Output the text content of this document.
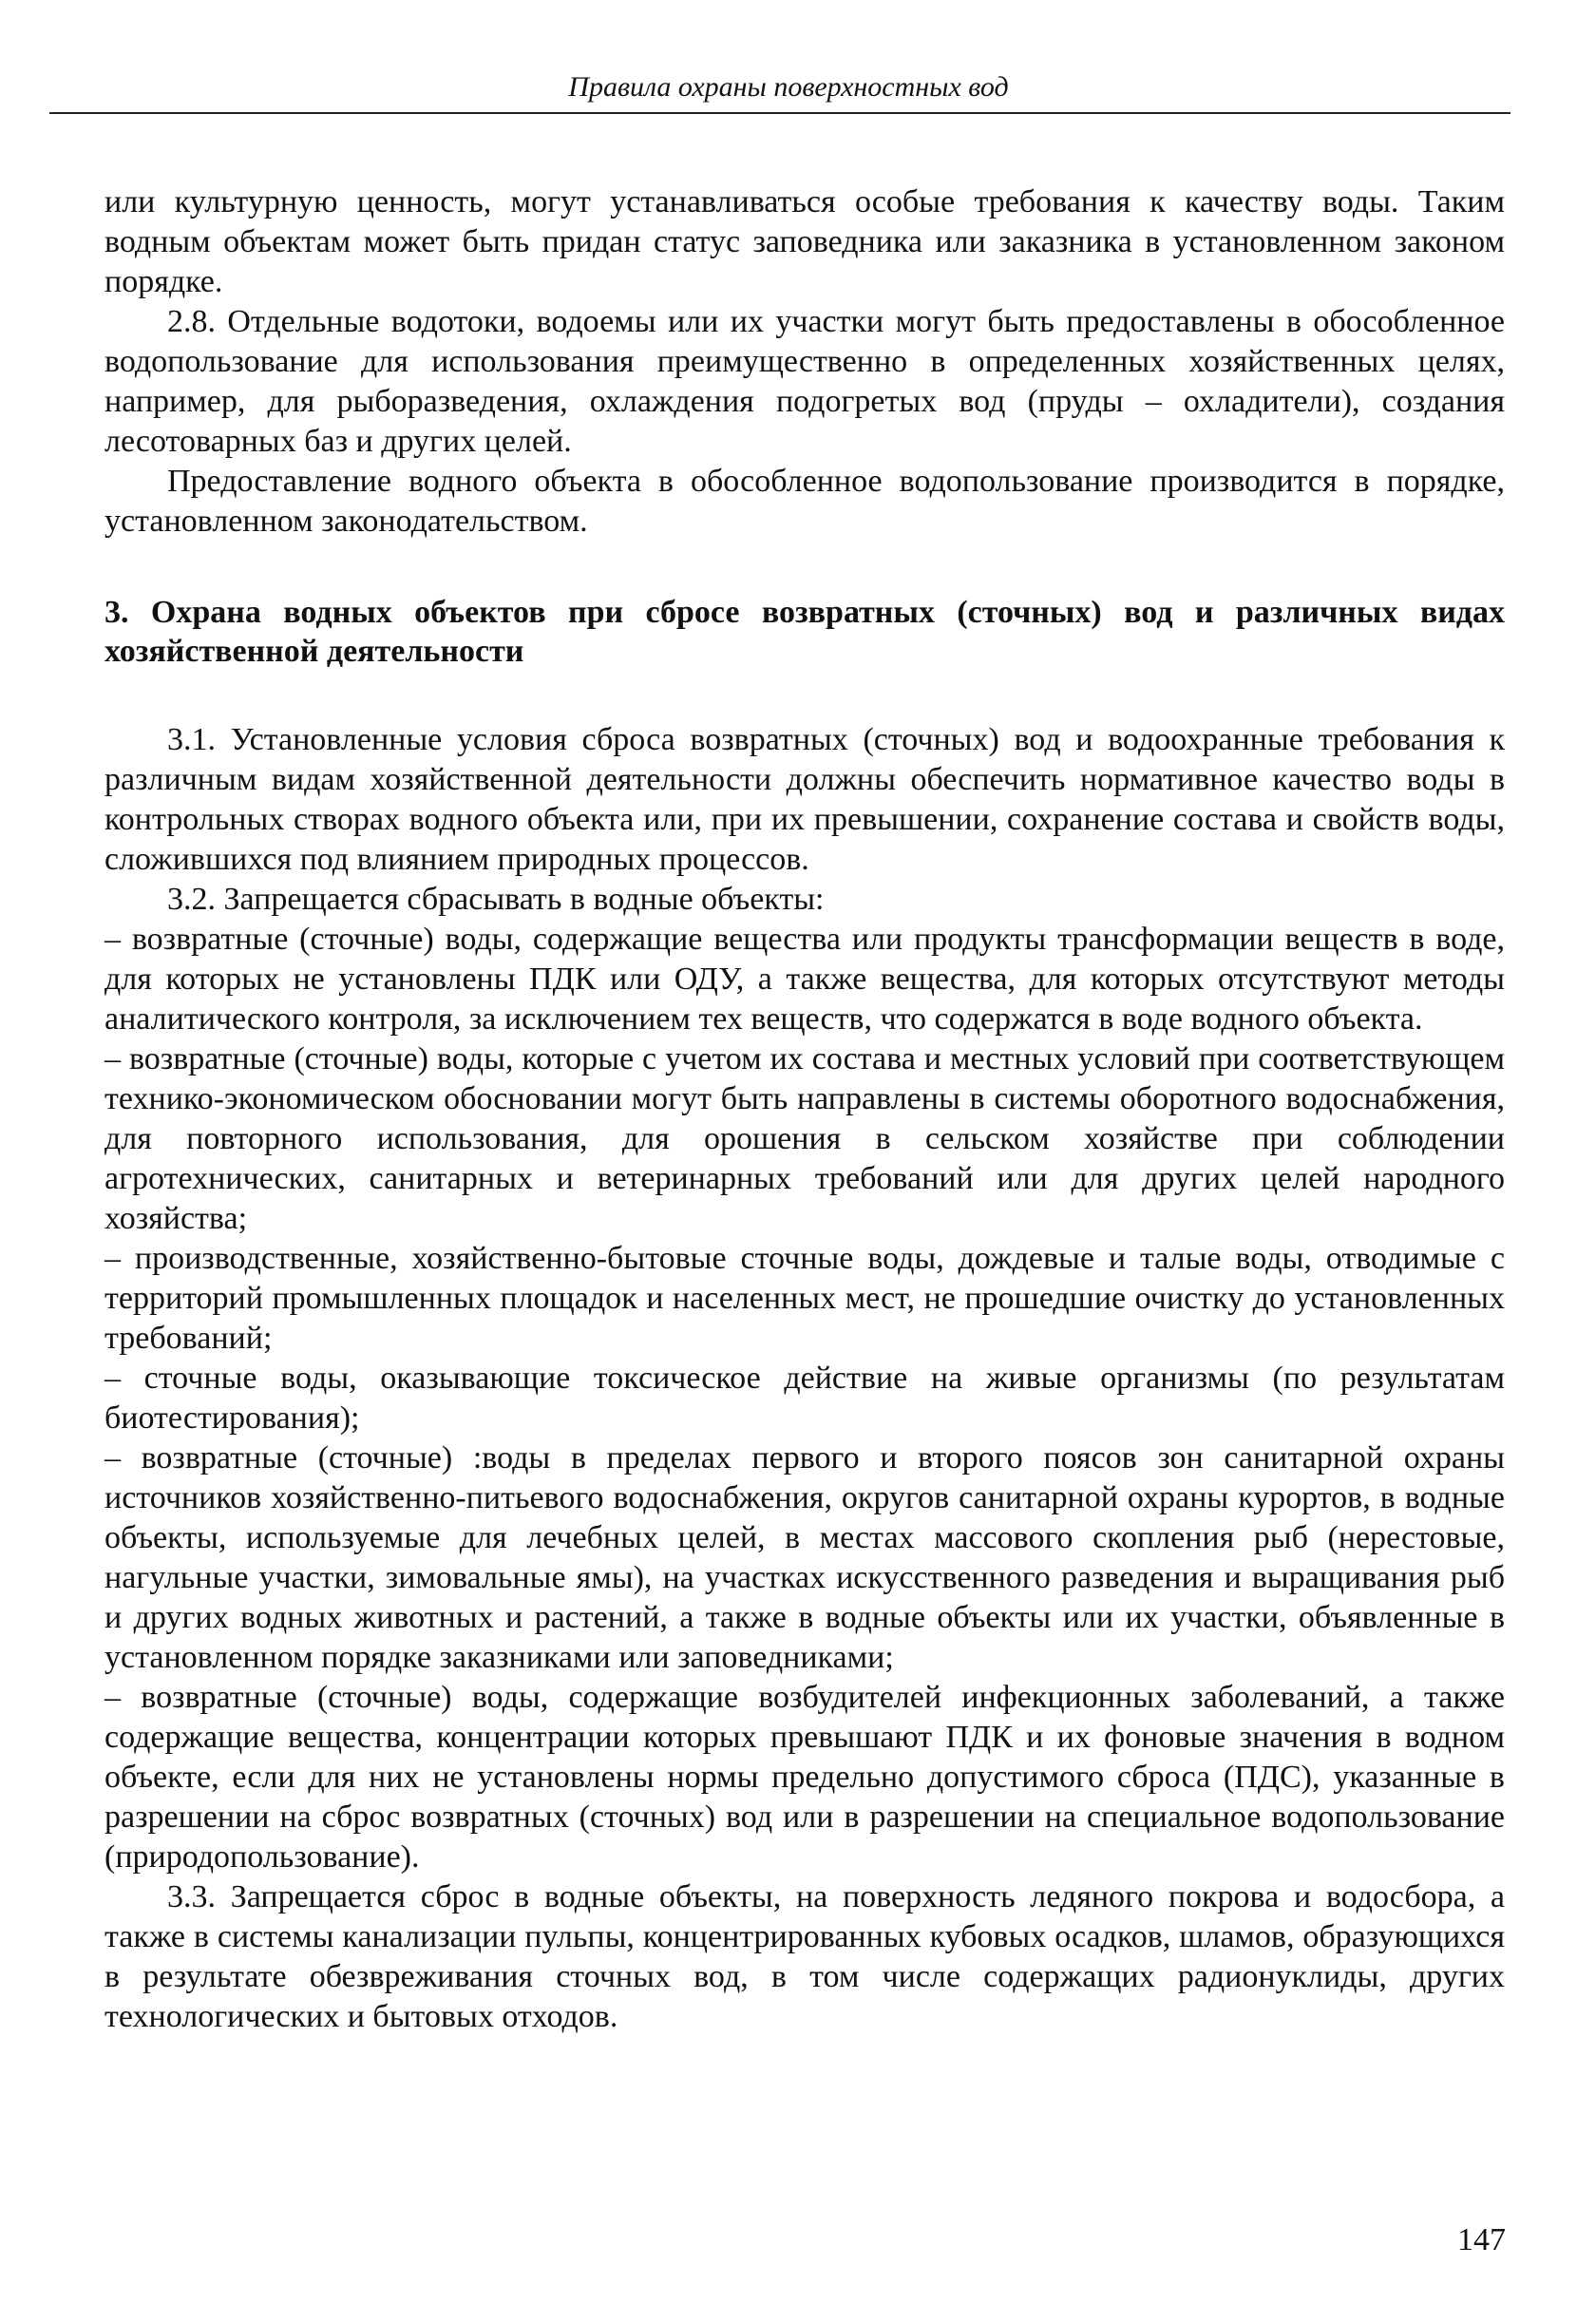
Правила охраны поверхностных вод

или культурную ценность, могут устанавливаться особые требования к качеству воды. Таким водным объектам может быть придан статус заповедника или заказника в установленном законом порядке.

2.8. Отдельные водотоки, водоемы или их участки могут быть предоставлены в обособленное водопользование для использования преимущественно в определенных хозяйственных целях, например, для рыборазведения, охлаждения подогретых вод (пруды – охладители), создания лесотоварных баз и других целей.

Предоставление водного объекта в обособленное водопользование производится в порядке, установленном законодательством.

3. Охрана водных объектов при сбросе возвратных (сточных) вод и различных видах хозяйственной деятельности

3.1. Установленные условия сброса возвратных (сточных) вод и водоохранные требования к различным видам хозяйственной деятельности должны обеспечить нормативное качество воды в контрольных створах водного объекта или, при их превышении, сохранение состава и свойств воды, сложившихся под влиянием природных процессов.

3.2. Запрещается сбрасывать в водные объекты:

– возвратные (сточные) воды, содержащие вещества или продукты трансформации веществ в воде, для которых не установлены ПДК или ОДУ, а также вещества, для которых отсутствуют методы аналитического контроля, за исключением тех веществ, что содержатся в воде водного объекта.

– возвратные (сточные) воды, которые с учетом их состава и местных условий при соответствующем технико-экономическом обосновании могут быть направлены в системы оборотного водоснабжения, для повторного использования, для орошения в сельском хозяйстве при соблюдении агротехнических, санитарных и ветеринарных требований или для других целей народного хозяйства;

– производственные, хозяйственно-бытовые сточные воды, дождевые и талые воды, отводимые с территорий промышленных площадок и населенных мест, не прошедшие очистку до установленных требований;

– сточные воды, оказывающие токсическое действие на живые организмы (по результатам биотестирования);

– возвратные (сточные) :воды в пределах первого и второго поясов зон санитарной охраны источников хозяйственно-питьевого водоснабжения, округов санитарной охраны курортов, в водные объекты, используемые для лечебных целей, в местах массового скопления рыб (нерестовые, нагульные участки, зимовальные ямы), на участках искусственного разведения и выращивания рыб и других водных животных и растений, а также в водные объекты или их участки, объявленные в установленном порядке заказниками или заповедниками;

– возвратные (сточные) воды, содержащие возбудителей инфекционных заболеваний, а также содержащие вещества, концентрации которых превышают ПДК и их фоновые значения в водном объекте, если для них не установлены нормы предельно допустимого сброса (ПДС), указанные в разрешении на сброс возвратных (сточных) вод или в разрешении на специальное водопользование (природопользование).

3.3. Запрещается сброс в водные объекты, на поверхность ледяного покрова и водосбора, а также в системы канализации пульпы, концентрированных кубовых осадков, шламов, образующихся в результате обезвреживания сточных вод, в том числе содержащих радионуклиды, других технологических и бытовых отходов.

147
